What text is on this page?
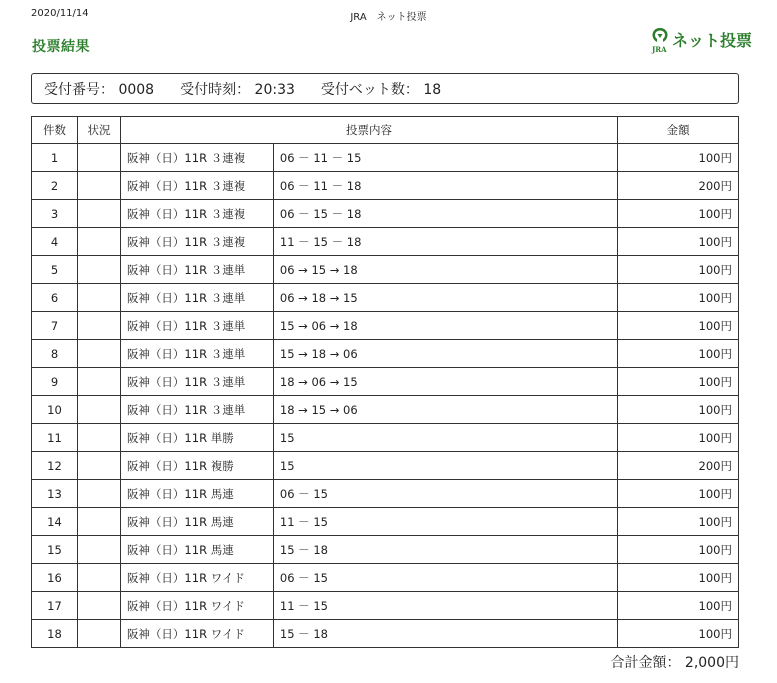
2020/11/14	JRA　ネット投票
投票結果	JRA ネット投票
受付番号： 0008 受付時刻： 20:33 受付ベット数： 18
件数	状況	投票内容		金額
1		阪神（日）11R ３連複	06 － 11 － 15	100円
2		阪神（日）11R ３連複	06 － 11 － 18	200円
3		阪神（日）11R ３連複	06 － 15 － 18	100円
4		阪神（日）11R ３連複	11 － 15 － 18	100円
5		阪神（日）11R ３連単	06 → 15 → 18	100円
6		阪神（日）11R ３連単	06 → 18 → 15	100円
7		阪神（日）11R ３連単	15 → 06 → 18	100円
8		阪神（日）11R ３連単	15 → 18 → 06	100円
9		阪神（日）11R ３連単	18 → 06 → 15	100円
10		阪神（日）11R ３連単	18 → 15 → 06	100円
11		阪神（日）11R 単勝	15	100円
12		阪神（日）11R 複勝	15	200円
13		阪神（日）11R 馬連	06 － 15	100円
14		阪神（日）11R 馬連	11 － 15	100円
15		阪神（日）11R 馬連	15 － 18	100円
16		阪神（日）11R ワイド	06 － 15	100円
17		阪神（日）11R ワイド	11 － 15	100円
18		阪神（日）11R ワイド	15 － 18	100円
合計金額： 2,000円
